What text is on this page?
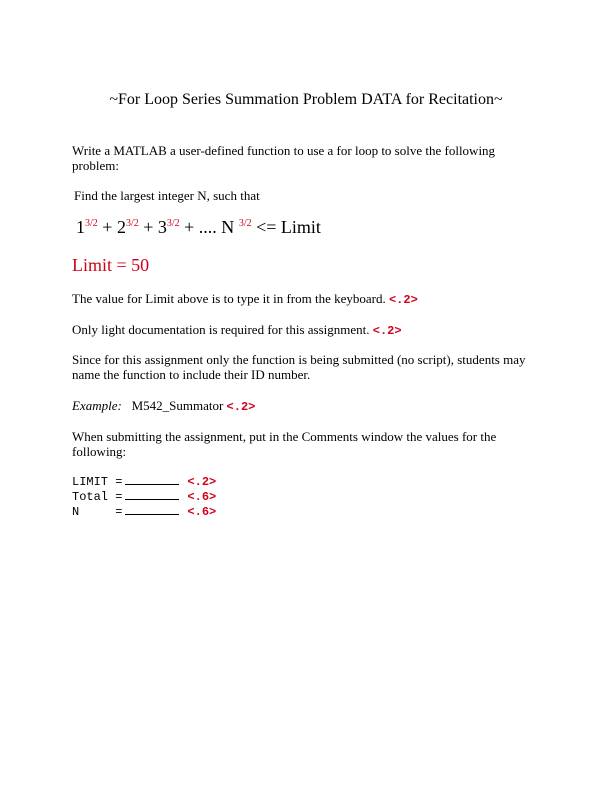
~For Loop Series Summation Problem DATA for Recitation~
Write a MATLAB a user-defined function to use a for loop to solve the following
problem:
Find the largest integer N, such that
$1^{3/2} + 2^{3/2} + 3^{3/2}$ + .... N $^{3/2}$ <= Limit
Limit = 50
The value for Limit above is to type it in from the keyboard. <.2>
Only light documentation is required for this assignment. <.2>
Since for this assignment only the function is being submitted (no script), students may
name the function to include their ID number.
Example: M542_Summator <.2>
When submitting the assignment, put in the Comments window the values for the
following:
LIMIT =	<.2>
Total =	<.6>
N     =	<.6>
